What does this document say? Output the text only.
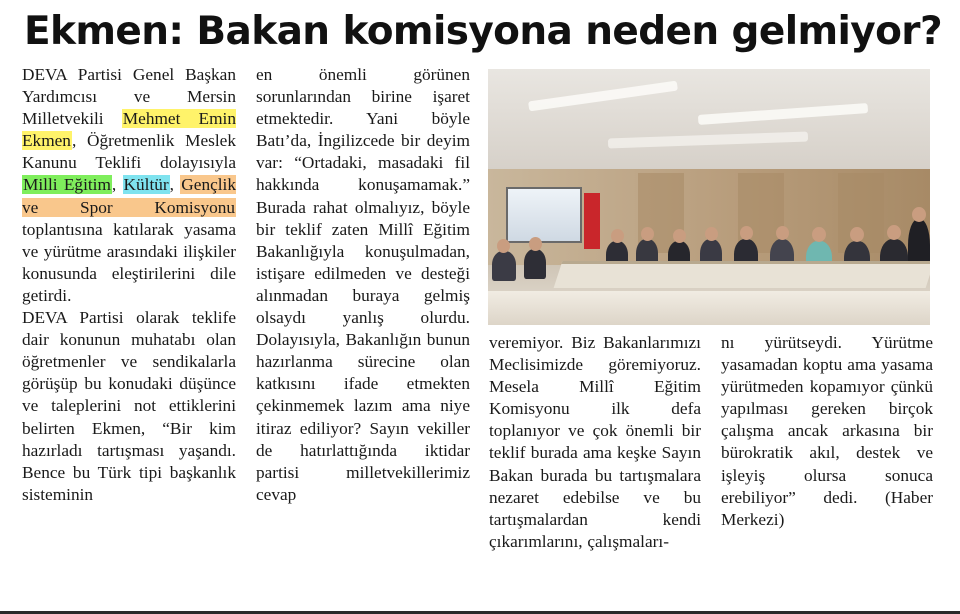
Ekmen: Bakan komisyona neden gelmiyor?

DEVA Partisi Genel Başkan Yardımcısı ve Mersin Milletvekili Mehmet Emin Ekmen, Öğretmenlik Meslek Kanunu Teklifi dolayısıyla Milli Eğitim, Kültür, Gençlik ve Spor Komisyonu toplantısına katılarak yasama ve yürütme arasındaki ilişkiler konusunda eleştirilerini dile getirdi.

DEVA Partisi olarak teklife dair konunun muhatabı olan öğretmenler ve sendikalarla görüşüp bu konudaki düşünce ve taleplerini not ettiklerini belirten Ekmen, “Bir kim hazırladı tartışması yaşandı. Bence bu Türk tipi başkanlık sisteminin

en önemli görünen sorunlarından birine işaret etmektedir. Yani böyle Batı’da, İngilizcede bir deyim var: “Ortadaki, masadaki fil hakkında konuşamamak.” Burada rahat olmalıyız, böyle bir teklif zaten Millî Eğitim Bakanlığıyla konuşulmadan, istişare edilmeden ve desteği alınmadan buraya gelmiş olsaydı yanlış olurdu. Dolayısıyla, Bakanlığın bunun hazırlanma sürecine olan katkısını ifade etmekten çekinmemek lazım ama niye itiraz ediliyor? Sayın vekiller de hatırlattığında iktidar partisi milletvekillerimiz cevap

veremiyor. Biz Bakanlarımızı Meclisimizde göremiyoruz. Mesela Millî Eğitim Komisyonu ilk defa toplanıyor ve çok önemli bir teklif burada ama keşke Sayın Bakan burada bu tartışmalara nezaret edebilse ve bu tartışmalardan kendi çıkarımlarını, çalışmaları-

nı yürütseydi. Yürütme yasamadan koptu ama yasama yürütmeden kopamıyor çünkü yapılması gereken birçok çalışma ancak arkasına bir bürokratik akıl, destek ve işleyiş olursa sonuca erebiliyor” dedi. (Haber Merkezi)
